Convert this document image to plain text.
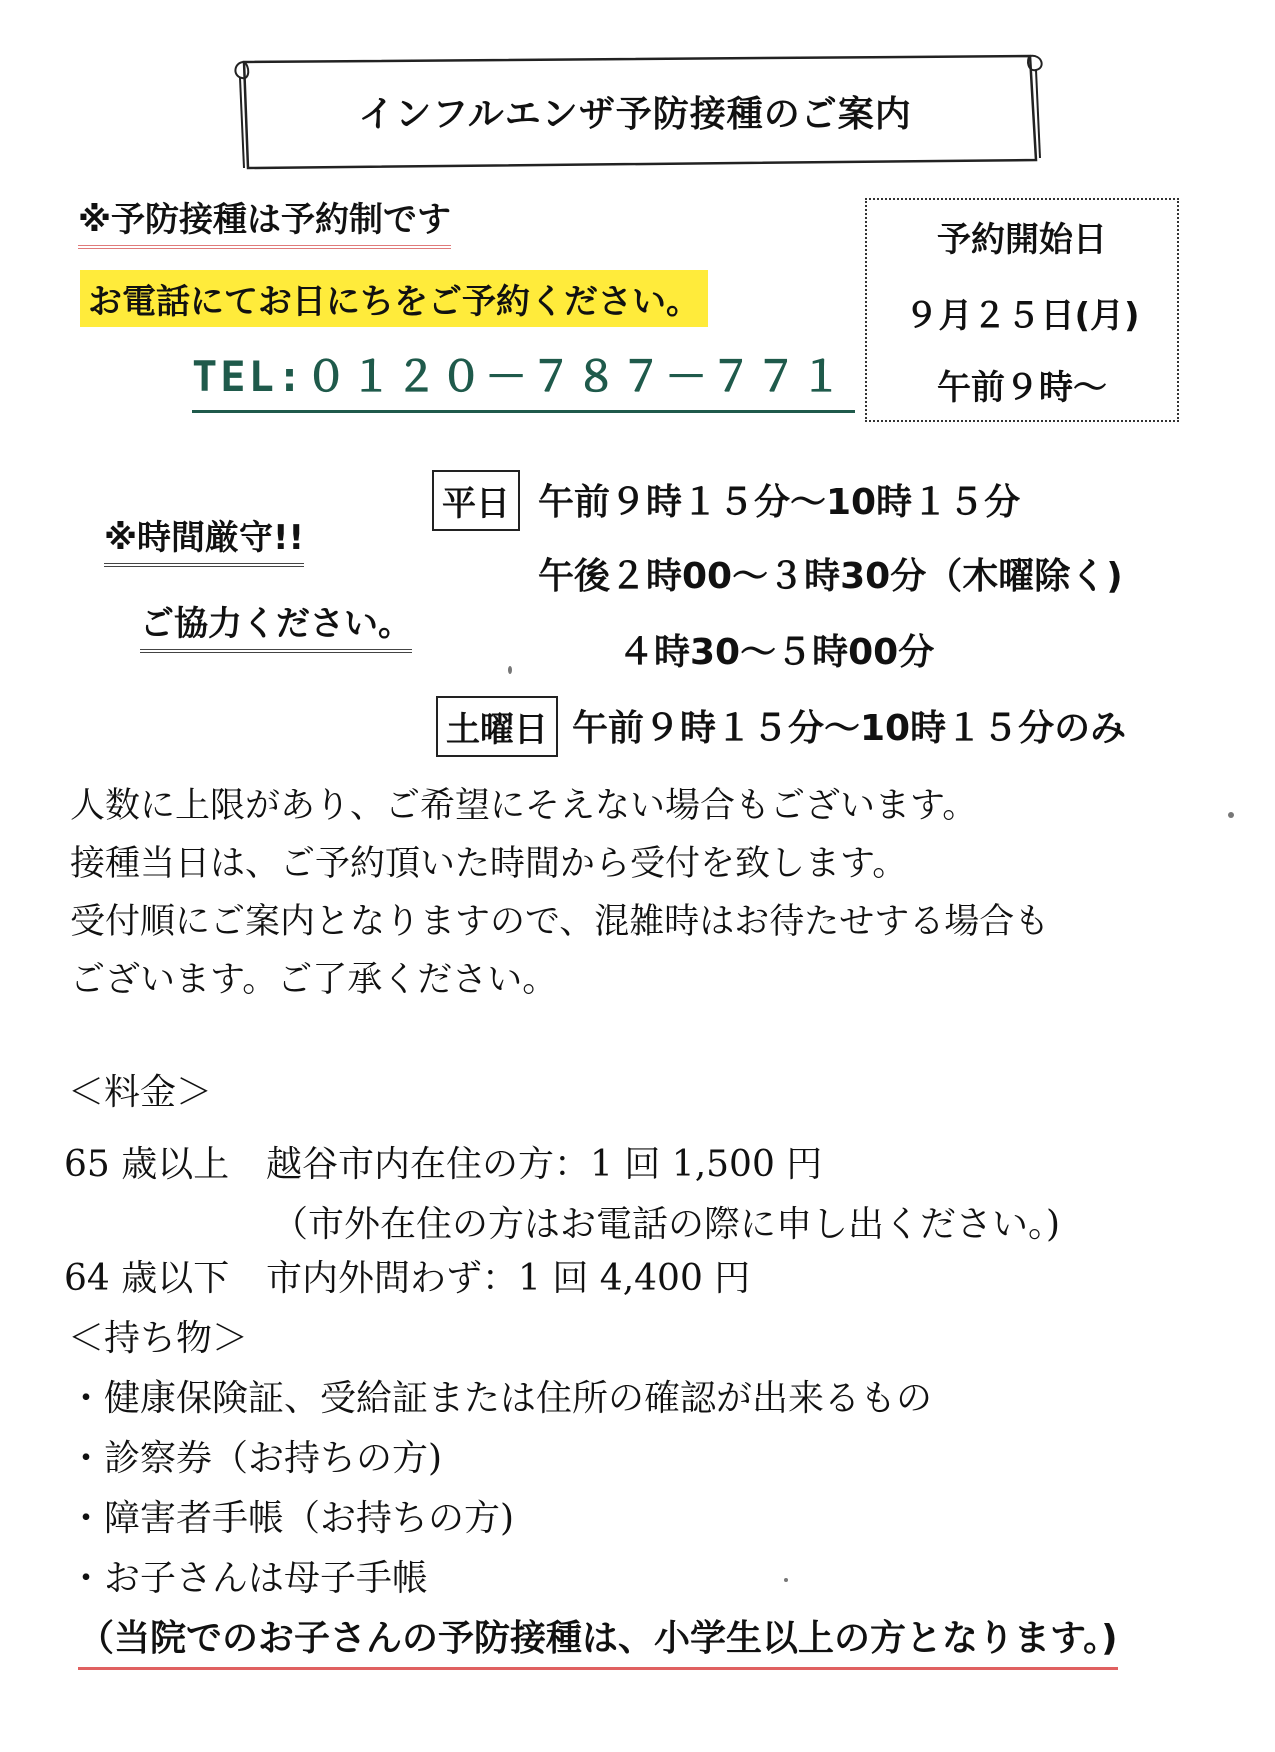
インフルエンザ予防接種のご案内
※予防接種は予約制です
お電話にてお日にちをご予約ください。
TEL:０１２０－７８７－７７１
予約開始日
９月２５日(月)
午前９時～
※時間厳守!!
ご協力ください。
平日 午前９時１５分～10時１５分
午後２時00～３時30分（木曜除く)
４時30～５時00分
土曜日 午前９時１５分～10時１５分のみ
人数に上限があり、ご希望にそえない場合もございます。
接種当日は、ご予約頂いた時間から受付を致します。
受付順にご案内となりますので、混雑時はお待たせする場合も
ございます。ご了承ください。
＜料金＞
65 歳以上 越谷市内在住の方：1 回 1,500 円
（市外在住の方はお電話の際に申し出ください。)
64 歳以下 市内外問わず：1 回 4,400 円
＜持ち物＞
・健康保険証、受給証または住所の確認が出来るもの
・診察券（お持ちの方)
・障害者手帳（お持ちの方)
・お子さんは母子手帳
（当院でのお子さんの予防接種は、小学生以上の方となります。)
